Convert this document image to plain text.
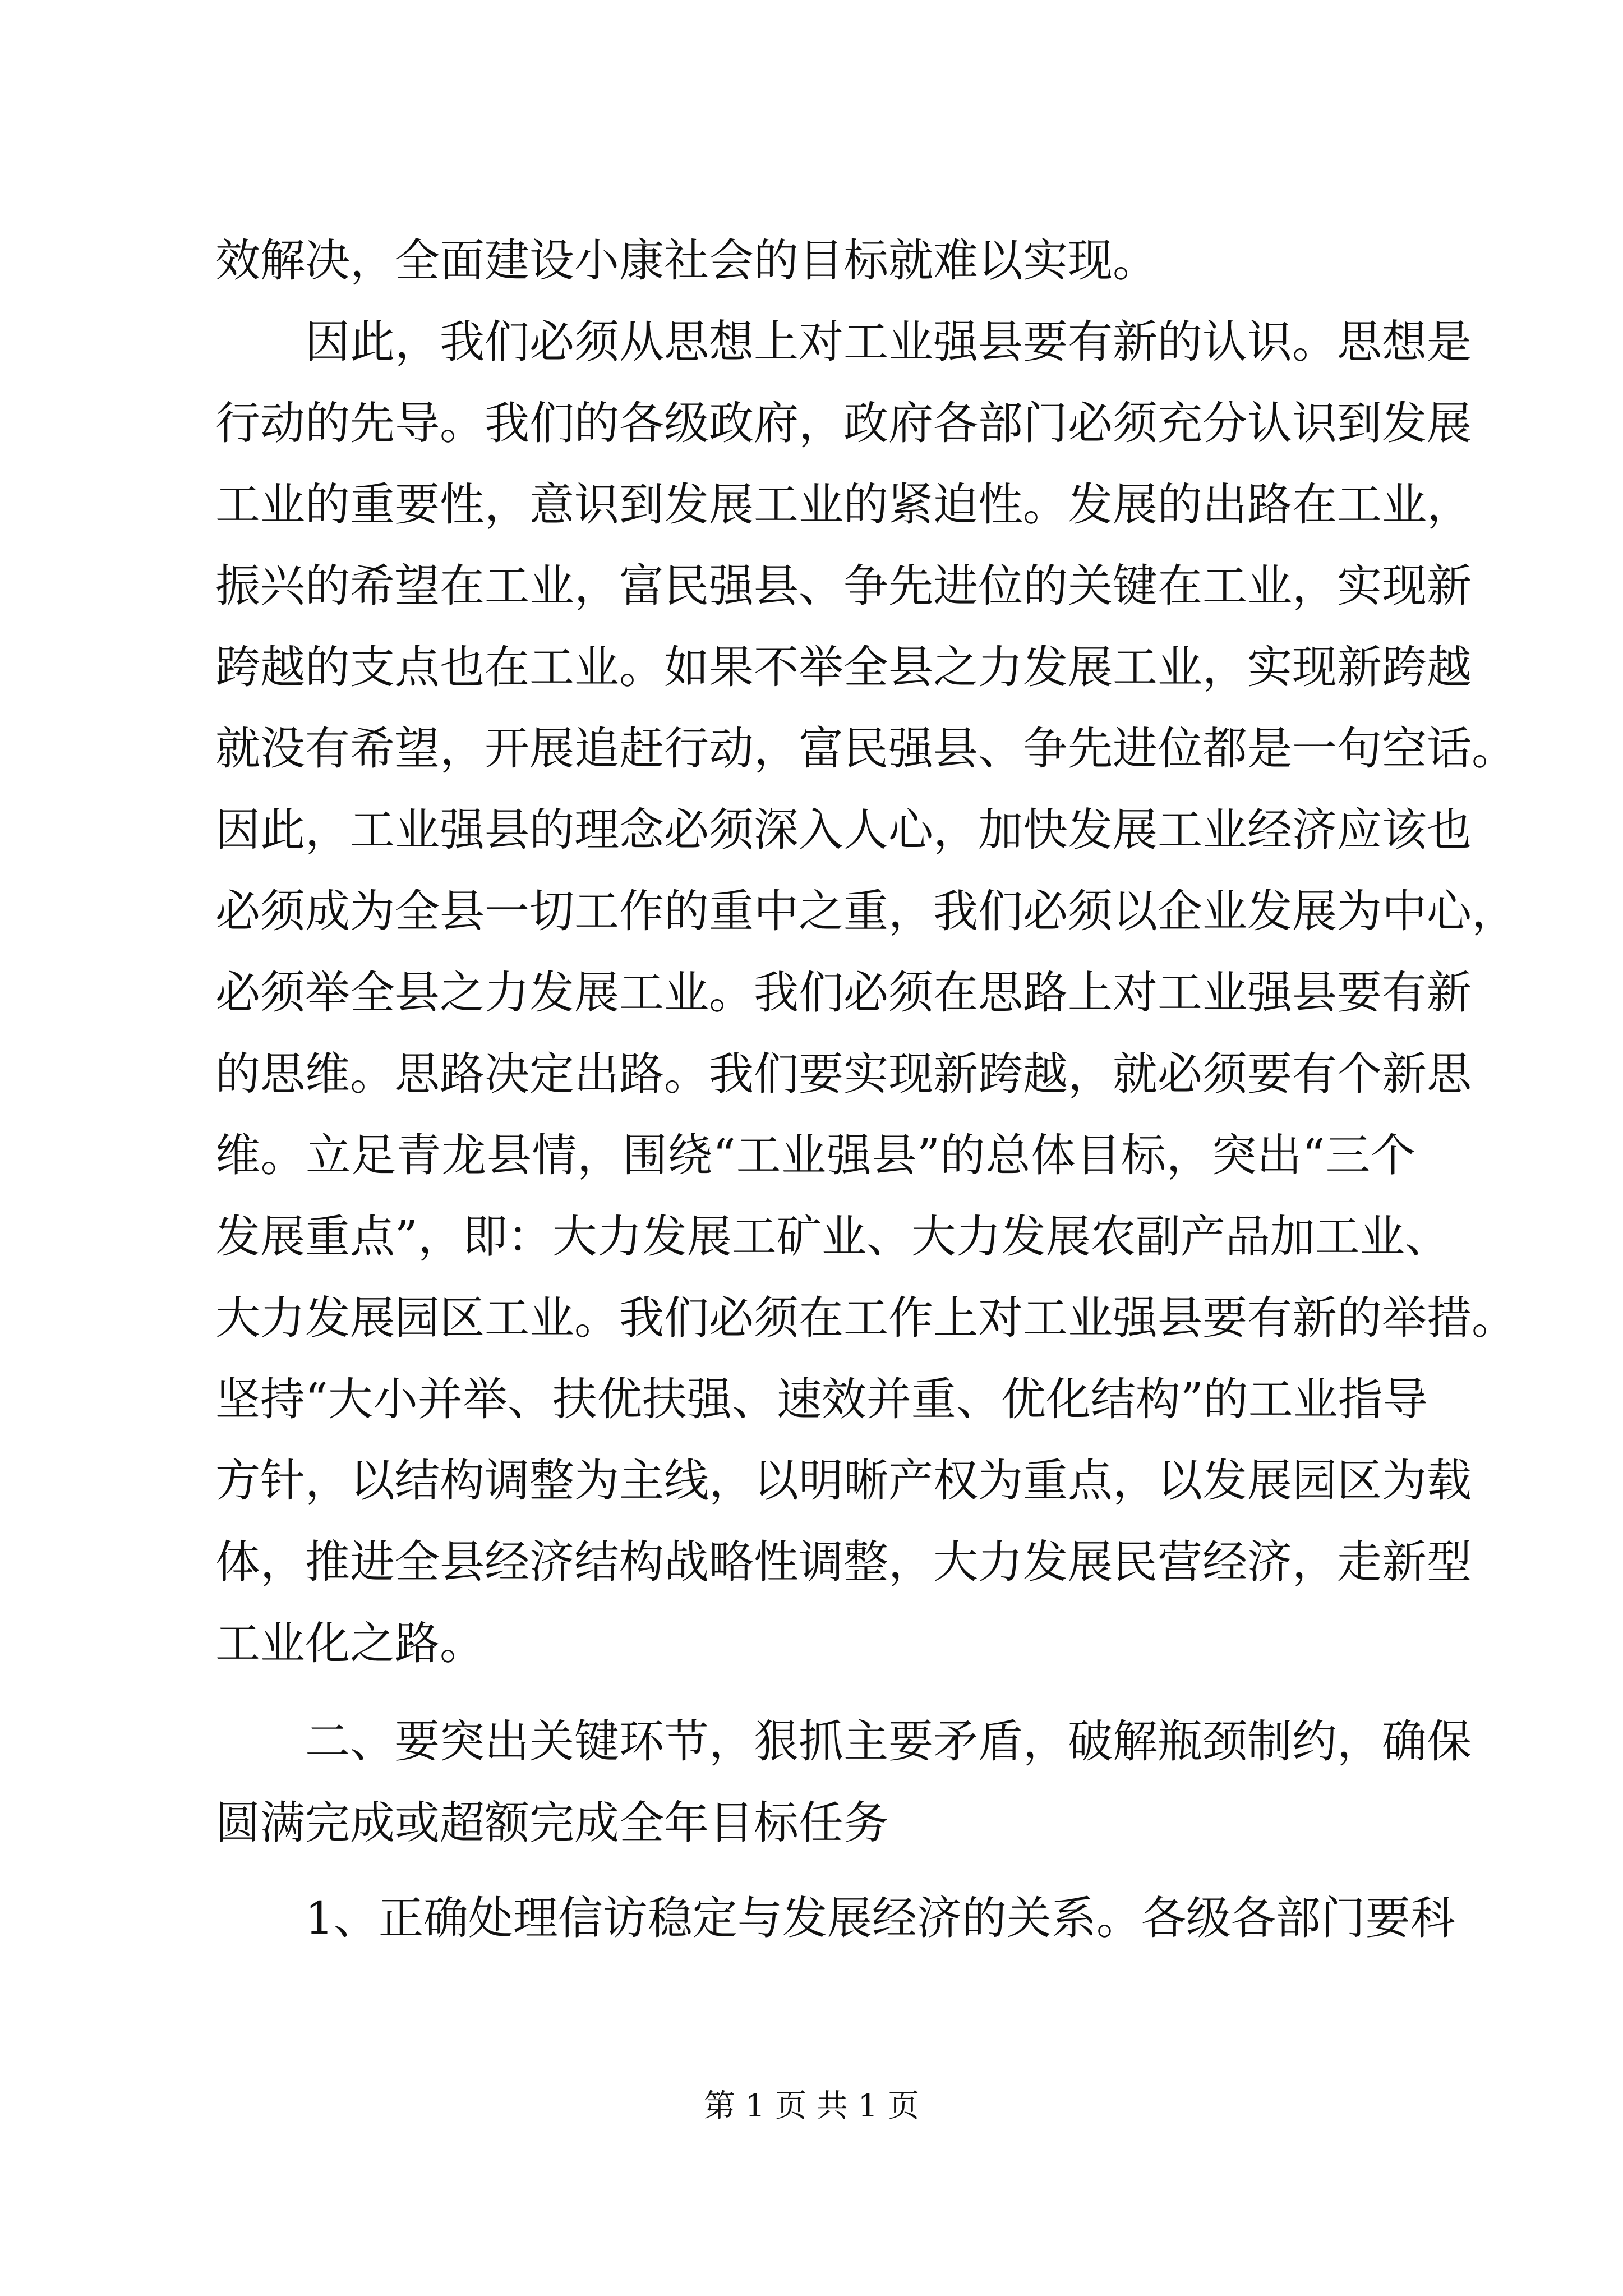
效解决，全面建设小康社会的目标就难以实现。
因此，我们必须从思想上对工业强县要有新的认识。思想是
行动的先导。我们的各级政府，政府各部门必须充分认识到发展
工业的重要性，意识到发展工业的紧迫性。发展的出路在工业，
振兴的希望在工业，富民强县、争先进位的关键在工业，实现新
跨越的支点也在工业。如果不举全县之力发展工业，实现新跨越
就没有希望，开展追赶行动，富民强县、争先进位都是一句空话。
因此，工业强县的理念必须深入人心，加快发展工业经济应该也
必须成为全县一切工作的重中之重，我们必须以企业发展为中心，
必须举全县之力发展工业。我们必须在思路上对工业强县要有新
的思维。思路决定出路。我们要实现新跨越，就必须要有个新思
维。立足青龙县情，围绕“工业强县”的总体目标，突出“三个
发展重点”，即：大力发展工矿业、大力发展农副产品加工业、
大力发展园区工业。我们必须在工作上对工业强县要有新的举措。
坚持“大小并举、扶优扶强、速效并重、优化结构”的工业指导
方针，以结构调整为主线，以明晰产权为重点，以发展园区为载
体，推进全县经济结构战略性调整，大力发展民营经济，走新型
工业化之路。
二、要突出关键环节，狠抓主要矛盾，破解瓶颈制约，确保
圆满完成或超额完成全年目标任务
1、正确处理信访稳定与发展经济的关系。各级各部门要科
第 1 页 共 1 页
